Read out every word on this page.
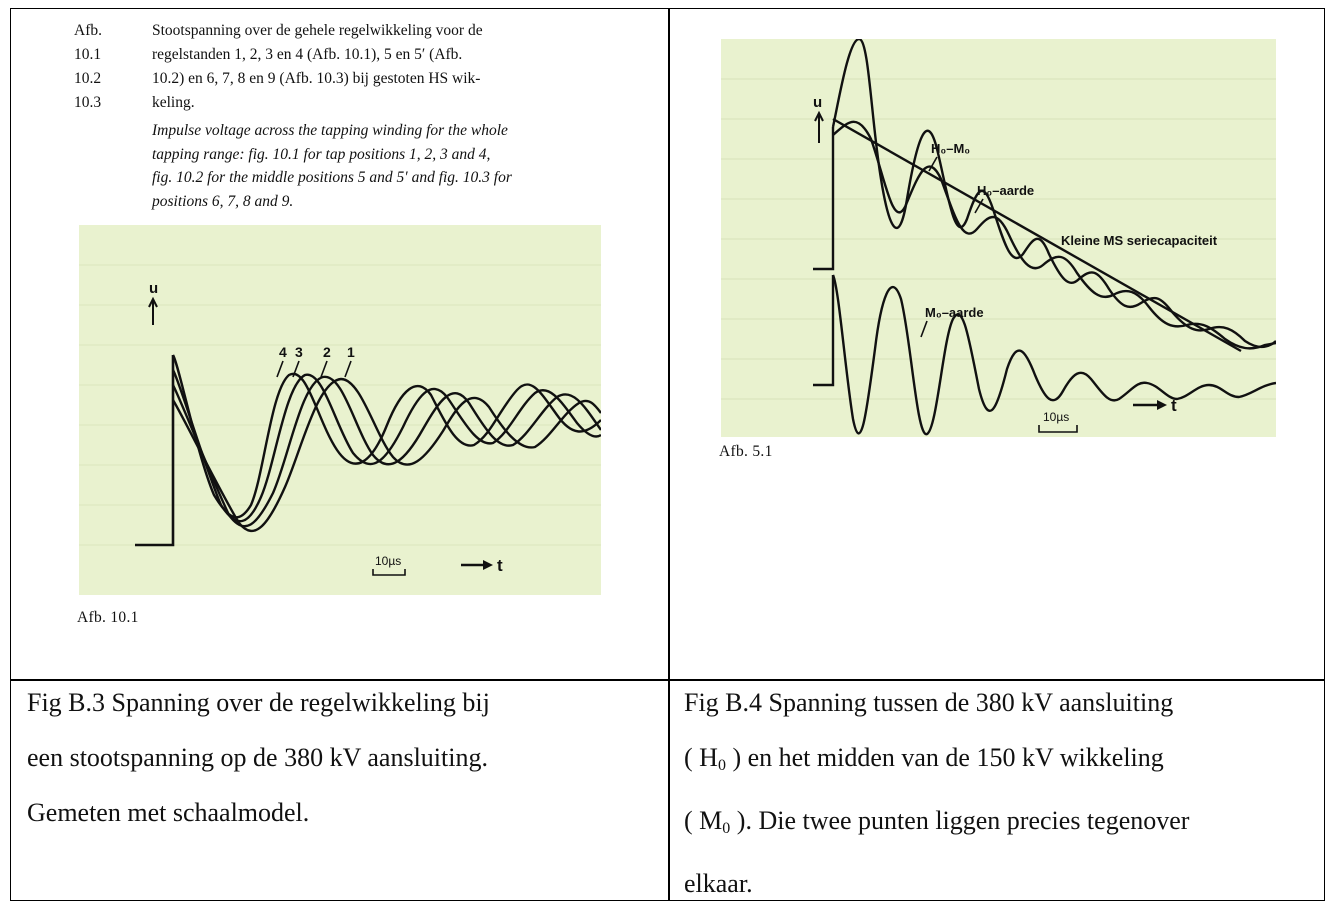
Afb.	Stootspanning over de gehele regelwikkeling voor de
10.1	regelstanden 1, 2, 3 en 4 (Afb. 10.1), 5 en 5′ (Afb.
10.2	10.2) en 6, 7, 8 en 9 (Afb. 10.3) bij gestoten HS wik-
10.3	keling.
Impulse voltage across the tapping winding for the whole
tapping range: fig. 10.1 for tap positions 1, 2, 3 and 4,
fig. 10.2 for the middle positions 5 and 5′ and fig. 10.3 for
positions 6, 7, 8 and 9.
u
4 3 2 1
10µs	t
Afb. 10.1
u
H₀–M₀
H₀–aarde
Kleine MS seriecapaciteit
M₀–aarde
10µs
t
Afb. 5.1
Fig B.3 Spanning over de regelwikkeling bij
een stootspanning op de 380 kV aansluiting.
Gemeten met schaalmodel.
Fig B.4 Spanning tussen de 380 kV aansluiting
( $H_0$ ) en het midden van de 150 kV wikkeling
( $M_0$ ). Die twee punten liggen precies tegenover
elkaar.
